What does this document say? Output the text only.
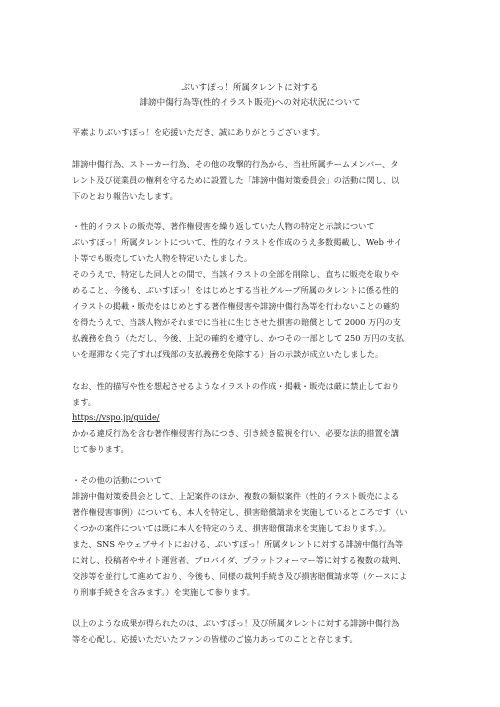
ぶいすぽっ！所属タレントに対する

誹謗中傷行為等(性的イラスト販売)への対応状況について

平素よりぶいすぽっ！を応援いただき、誠にありがとうございます。

誹謗中傷行為、ストーカー行為、その他の攻撃的行為から、当社所属チームメンバー、タ

レント及び従業員の権利を守るために設置した「誹謗中傷対策委員会」の活動に関し、以

下のとおり報告いたします。

・性的イラストの販売等、著作権侵害を繰り返していた人物の特定と示談について

ぶいすぽっ！所属タレントについて、性的なイラストを作成のうえ多数掲載し、Web サイ

ト等でも販売していた人物を特定いたしました。

そのうえで、特定した同人との間で、当該イラストの全部を削除し、直ちに販売を取りや

めること、今後も、ぶいすぽっ！をはじめとする当社グループ所属のタレントに係る性的

イラストの掲載・販売をはじめとする著作権侵害や誹謗中傷行為等を行わないことの確約

を得たうえで、当該人物がそれまでに当社に生じさせた損害の賠償として 2000 万円の支

払義務を負う（ただし、今後、上記の確約を遵守し、かつその一部として 250 万円の支払

いを遅滞なく完了すれば残部の支払義務を免除する）旨の示談が成立いたしました。

なお、性的描写や性を想起させるようなイラストの作成・掲載・販売は厳に禁止しており

ます。

https://vspo.jp/guide/

かかる違反行為を含む著作権侵害行為につき、引き続き監視を行い、必要な法的措置を講

じて参ります。

・その他の活動について

誹謗中傷対策委員会として、上記案件のほか、複数の類似案件（性的イラスト販売による

著作権侵害事例）についても、本人を特定し、損害賠償請求を実施しているところです（い

くつかの案件については既に本人を特定のうえ、損害賠償請求を実施しております。）。

また、SNS やウェブサイトにおける、ぶいすぽっ！所属タレントに対する誹謗中傷行為等

に対し、投稿者やサイト運営者、プロバイダ、プラットフォーマー等に対する複数の裁判、

交渉等を並行して進めており、今後も、同様の裁判手続き及び損害賠償請求等（ケースによ

り刑事手続きを含みます。）を実施して参ります。

以上のような成果が得られたのは、ぶいすぽっ！及び所属タレントに対する誹謗中傷行為

等を心配し、応援いただいたファンの皆様のご協力あってのことと存じます。
